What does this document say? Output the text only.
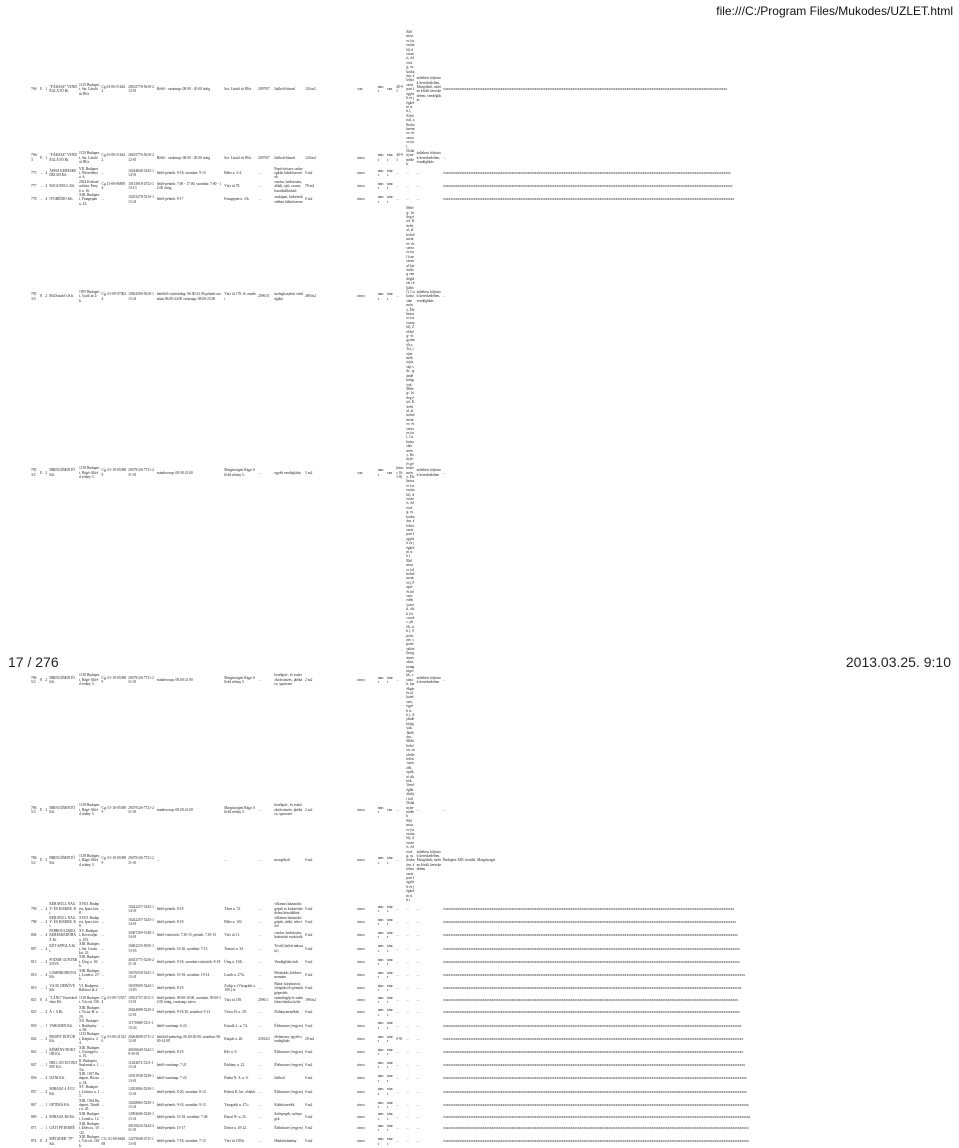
file:///C:/Program Files/Mukodes/UZLET.html
766	E	1	"FÁRASZ" VENDÉGLÁTÓ Bt.	1135 Budapest, Szt. László út 89/a.	Cg.01-06-516422	28165776-5610-212-01	Hétfő - vasárnap: 08.00 - 20.00 óráig	Szt. László út 89/a.	20/9767	Italbolt-büszel	126 m2	van	nincs	van	40-91	Élelmiszer (szeszitalú) desszert, édesség, cukorkaáru, élelmiszeripari fagylalt és jégkrém stb.), Kávéital, alkoholmentes- és szeszes ital	üzletben folytatott kereskedelem, Mozgóbolt, üzleten kívüli kereskedelem, vendéglátás	xxxxxxxxxxxxxxxxxxxxxxxxxxxxxxxxxxxxxxxxxxxxxxxxxxxxxxxxxxxxxxxxxxxxxxxxxxxxxxxxxxxxxxxxxxxxxxxxxxxxxxxxxxxxxxxxxxxxxxxxxxxxxxxxxxxxxxxxxxxxxxxxxxxxxxxxxxxxxx
766/3	E	1	"FÁRASZ" VENDÉGLÁTÓ Bt.	1135 Budapest, Szt. László út 89/a.	Cg.01-06-516422	28165776-5610-212-01	Hétfő - vasárnap: 08.00 - 20.00 óráig	Szt. László út 89/a.	20/9767	Italbolt-büszel	126 m2	nincs	nincs	nincs	40-91	Dohánytermékek	üzletben folytatott kereskedelem, vendéglátás	...
775	...	4	ÁPISZ KERESKEDELMI Kft.	VII. Budapest, Wesselényi u. 6.	...	10244840-5245-114-01	hétfő-péntek: 9-18, szombat: 9-13	Béke u. 2-4.	...	Papír-írószer, szőnyegkúti kábítószeresek	0 m2	nincs	nincs	nincs	...	...	...	xxxxxxxxxxxxxxxxxxxxxxxxxxxxxxxxxxxxxxxxxxxxxxxxxxxxxxxxxxxxxxxxxxxxxxxxxxxxxxxxxxxxxxxxxxxxxxxxxxxxxxxxxxxxxxxxxxxxxxxxxxxxxxxxxxxxxxxxxxxxxxxxxxxxxxxxxxxxxxxx
777	...	4	BAGI-ROLL Kft.	2024 Kiskunlacháza, Fenyő u. 16.	Cg.13-09-068954	10133918-4752-113-13	hétfő-péntek: 7:00 - 17:00, szombat: 7:00 - 12:00 óráig	Váci út 78.	...	vasáru, barkácsáru, ablak, ajtó, csavar, hasadóállatfutó	78 m2	nincs	nincs	nincs	...	...	...	xxxxxxxxxxxxxxxxxxxxxxxxxxxxxxxxxxxxxxxxxxxxxxxxxxxxxxxxxxxxxxxxxxxxxxxxxxxxxxxxxxxxxxxxxxxxxxxxxxxxxxxxxxxxxxxxxxxxxxxxxxxxxxxxxxxxxxxxxxxxxxxxxxxxxxxxxxxxxxxxx
778	...	4	IVOBÉDIO Kft.	XIII. Budapest, Frangepán u. 43.	...	10253278-5210-113-41	hétfő-péntek: 9-17	Frangepán u. 3/b.	...	szakipari, kiskereskedelmi kábítószeres	0 m2	nincs	nincs	nincs	...	...	...	xxxxxxxxxxxxxxxxxxxxxxxxxxxxxxxxxxxxxxxxxxxxxxxxxxxxxxxxxxxxxxxxxxxxxxxxxxxxxxxxxxxxxxxxxxxxxxxxxxxxxxxxxxxxxxxxxxxxxxxxxxxxxxxxxxxxxxxxxxxxxxxxxxxxxxxxxxxxxxxxxx
7853/3	E	2	McDonald´s Kft.	1097 Budapest, Gyáli út 3/b.	Cg. 01-09-070024	10824390-5610-113-41	hétfőtől-csütörtökig: 06.00-23.00 péntek-szombat 06.00-24.00 vasárnap: 08.00-23.00	Váci út 178. fé. emelet	2596/31	melegkonyhás vendéglátó	280 m2	nincs	nincs	nincs	...	Meleg-, hideg étel, Kávéital, alkoholmentes- és szeszes ital (szeszesital kizárólag vendéglátás céljából), Cukrászsütemény, Élelmiszer (szeszitalú), Zöldség- és gyümölcs, Tej, tejtermék, tojás, sajt stb., ajándéktárgyak	üzletben folytatott kereskedelem, vendéglátás	...
7853/2	E	2	BRINGÓMINTÓ Kft.	1138 Budapest, Rágó-Alfréd sétány 5.	Cg. 01-10-053989	29479126-7721-231-01	minden nap: 08.00-21.00	Margitszigeti Rágó Alfréd sétány 5.	...	egyéb vendéglátás	5 m2	van	nincs	van	(nincs 16:1-8)	Meleg-, hideg étel, Kávéital, alkoholmentes- és szeszes ital, Cukrászsütemény, Kenyér- és péksütemény, Élelmiszer (szeszitalú), desszert, édesség, cukorkaáru, élelmiszeripari fagylalt és jégkrém stb.)	üzletben folytatott kereskedelem	...
7865/2	E	2	BRINGÓMINTÓ Kft.	1138 Budapest, Rágó-Alfréd sétány 5.	Cg. 01-10-053989	29479126-7721-231-01	minden nap: 08.00-21.00	Margitszigeti Rágó Alfréd sétány 5.	...	kerékpár-, és eszközkölcsönzés, játékáru, sportszer	2 m2	nincs	nincs	nincs	...	Élelmiszer (alkoholmentes), Papír- és írószer, edényszerű, cikk (viccezés, játék, stb.), Sportszer, sporteszköz (horgászeszköz, kempingcikk, csónak, kerékpár és alkatrészei, egyéb stb.), Ajándéktárgyak, Játékáru, Mobiltelefon, mobiltelefon-tartozék, optikai cikkek, Vendéglátóhelyi ital	üzletben folytatott kereskedelem	...
7865/3	E	2	BRINGÓMINTÓ Kft.	1138 Budapest, Rágó-Alfréd sétány 5.	Cg. 01-10-053989	29479126-7721-231-01	minden nap: 08.00-21.00	Margitszigeti Rágó Alfréd sétány 5.	...	kerékpár-, és eszközkölcsönzés, játékáru, sportszer	2 m2	nincs	nincs	van	...	Dohánytermékek	...	...
7865/2	E	2	BRINGÓMINTÓ Kft.	1138 Budapest, Rágó-Alfréd sétány 5.	Cg. 01-10-053989	29479126-7721-231-01	...	...	...	mozgóbolt	0 m2	nincs	nincs	nincs	...	Élelmiszer (szeszitalú), desszert, édesség, cukorkaáru, élelmiszeripari fagylalt és jégkrém stb.)	üzletben folytatott kereskedelem, Mozgóbolt, üzleten kívüli kereskedelem	Budapest XIII. kerület, Margitsziget
790	...	4	KERAVILL NAGY- ÉS KISKER. Rt.	XVIII. Budapest, Ipacs köz 8.	...	10242257-5245-114-01	hétfő-péntek: 8-18	Tátra u. 74.	...	villamos háztartási gépek és kiskereskedelmi készülékek	0 m2	nincs	nincs	nincs	...	...	...	xxxxxxxxxxxxxxxxxxxxxxxxxxxxxxxxxxxxxxxxxxxxxxxxxxxxxxxxxxxxxxxxxxxxxxxxxxxxxxxxxxxxxxxxxxxxxxxxxxxxxxxxxxxxxxxxxxxxxxxxxxxxxxxxxxxxxxxxxxxxxxxxxxxxxxxxxxxxxxxxxx
798	...	4	KERAVILL NAGY- ÉS KISKER. Rt.	XVIII. Budapest, Ipacs köz 8.	...	10242257-5245-114-01	hétfő-péntek: 8-18	Béke u. 102.	...	villamos háztartási gépek, rádió, televízió	0 m2	nincs	nincs	nincs	...	...	...	xxxxxxxxxxxxxxxxxxxxxxxxxxxxxxxxxxxxxxxxxxxxxxxxxxxxxxxxxxxxxxxxxxxxxxxxxxxxxxxxxxxxxxxxxxxxxxxxxxxxxxxxxxxxxxxxxxxxxxxxxxxxxxxxxxxxxxxxxxxxxxxxxxxxxxxxxxxxxxxxxxx
804	...	4	FERROGLOBUS KERESKEDŐHÁZ Rt.	XV. Budapest, Kövesaljai u. 103.	...	10307209-5148-114-01	hétfő-csütörtök: 7.30-15, péntek: 7.30-13	Váci út 11.	...	vasáru, barkácsáru, háztartási eszközök	0 m2	nincs	nincs	nincs	...	...	...	xxxxxxxxxxxxxxxxxxxxxxxxxxxxxxxxxxxxxxxxxxxxxxxxxxxxxxxxxxxxxxxxxxxxxxxxxxxxxxxxxxxxxxxxxxxxxxxxxxxxxxxxxxxxxxxxxxxxxxxxxxxxxxxxxxxxxxxxxxxxxxxxxxxxxxxxxxxxxxxxxxxx
807	...	4	KÉT SZPOLA Kft.	XIII. Budapest, Szt. István krt. 22.	...	10402233-5050-113-05	hétfő-péntek: 10-20, szombat: 7-13	Tomori u. 34.	...	Textil (üzleti műszaki)	0 m2	nincs	nincs	nincs	...	...	...	xxxxxxxxxxxxxxxxxxxxxxxxxxxxxxxxxxxxxxxxxxxxxxxxxxxxxxxxxxxxxxxxxxxxxxxxxxxxxxxxxxxxxxxxxxxxxxxxxxxxxxxxxxxxxxxxxxxxxxxxxxxxxxxxxxxxxxxxxxxxxxxxxxxxxxxxxxxxxxxxxxxxx
813	...	4	FODOR GUNTERZOVA	XIII. Budapest, Üteg u. 10/b.	...	40433775-5236-231-41	hétfő-péntek: 9-18, szombat-csütörtök: 8-18	Üteg u. 10/b.	...	Vendéglátás bolt	0 m2	nincs	nincs	nincs	...	...	...	xxxxxxxxxxxxxxxxxxxxxxxxxxxxxxxxxxxxxxxxxxxxxxxxxxxxxxxxxxxxxxxxxxxxxxxxxxxxxxxxxxxxxxxxxxxxxxxxxxxxxxxxxxxxxxxxxxxxxxxxxxxxxxxxxxxxxxxxxxxxxxxxxxxxxxxxxxxxxxxxxxxxx
816	...	4	LOMBIKORONA Kft.	XIII. Budapest, Lomb u. 27/b.	...	10476558-5241-113-41	hétfő-péntek: 10-18, szombat: 10-14	Lomb u. 27/b.	...	Bőrtáskás, bőrkerementáru	0 m2	nincs	nincs	nincs	...	...	...	xxxxxxxxxxxxxxxxxxxxxxxxxxxxxxxxxxxxxxxxxxxxxxxxxxxxxxxxxxxxxxxxxxxxxxxxxxxxxxxxxxxxxxxxxxxxxxxxxxxxxxxxxxxxxxxxxxxxxxxxxxxxxxxxxxxxxxxxxxxxxxxxxxxxxxxxxxxxxxxxxxxxxxxx
819	...	1	V.S.M. DEBÓVE Kft.	VI. Budapest, Rákóczi út 2.	...	10319005-5244-113-03	hétfő-péntek: 8-18	Zsilip u. (Visegrádi u. 109.) fé	...	Bútor, kárpitozott, világítási és pénztárgépesítés	0 m2	nincs	nincs	nincs	...	...	...	xxxxxxxxxxxxxxxxxxxxxxxxxxxxxxxxxxxxxxxxxxxxxxxxxxxxxxxxxxxxxxxxxxxxxxxxxxxxxxxxxxxxxxxxxxxxxxxxxxxxxxxxxxxxxxxxxxxxxxxxxxxxxxxxxxxxxxxxxxxxxxxxxxxxxxxxxxxxxxxxxxxxxx
821	E	4	"LÁNG" Kereskedelmi Kft.	1139 Budapest, Váci út 158.	Cg. 01-09-725574	10552757-4511-113-01	hétfő-péntek: 09.00-18.00, szombat: 09.00-12.00 óráig, vasárnap: zárva	Váci út 158.	2596/1	számítógép és számítástechnikai üzlet	198 m2	nincs	nincs	nincs	...	...	...	xxxxxxxxxxxxxxxxxxxxxxxxxxxxxxxxxxxxxxxxxxxxxxxxxxxxxxxxxxxxxxxxxxxxxxxxxxxxxxxxxxxxxxxxxxxxxxxxxxxxxxxxxxxxxxxxxxxxxxxxxxxxxxxxxxxxxxxxxxxxxxxxxxxxxxxxxxxxxxxxxxxx
825	...	4	Á + A Bt.	XIII. Budapest, Victor H. u. 29.	...	28424908-5220-212-01	hétfő-péntek: 9-18.30, szombat: 9-13	Victor H. u. 29.	...	Dohánytermékek	0 m2	nincs	nincs	nincs	...	...	...	xxxxxxxxxxxxxxxxxxxxxxxxxxxxxxxxxxxxxxxxxxxxxxxxxxxxxxxxxxxxxxxxxxxxxxxxxxxxxxxxxxxxxxxxxxxxxxxxxxxxxxxxxxxxxxxxxxxxxxxxxxxxxxxxxxxxxxxxxxxxxxxxxxxxxxxxxxxxxxxxxxxxx
830	...	1	VARGHEN Kft.	XX. Budapest, Batthyány u. 69.	...	11170068-5211-113-43	hétfő-vasárnap: 6-22	Kassák L. u. 74.	...	Élelmiszer (vegyes)	0 m2	nincs	nincs	nincs	...	...	...	xxxxxxxxxxxxxxxxxxxxxxxxxxxxxxxxxxxxxxxxxxxxxxxxxxxxxxxxxxxxxxxxxxxxxxxxxxxxxxxxxxxxxxxxxxxxxxxxxxxxxxxxxxxxxxxxxxxxxxxxxxxxxxxxxxxxxxxxxxxxxxxxxxxxxxxxxxxxxxxxxxxxxx
842	...	2	PROFIT DÖTÜR Kft.	1133 Budapest, Kárpát u. 24.	Cg. 01-06-215230	20264808-4711-212-01	hétfőtől-péntekig: 06.00-20.00, szombat: 08.00-14.00	Kárpát u. 26.	25162/2	élelmiszer, egyéb vendéglátás	20 m2	nincs	nincs	nincs	0-91	...	...	xxxxxxxxxxxxxxxxxxxxxxxxxxxxxxxxxxxxxxxxxxxxxxxxxxxxxxxxxxxxxxxxxxxxxxxxxxxxxxxxxxxxxxxxxxxxxxxxxxxxxxxxxxxxxxxxxxxxxxxxxxxxxxxxxxxxxxxxxxxxxxxxxxxxxxxxxxxxxxxxxxxxxxx
843	...	1	KÉMÉNY-DOKTOR Kft.	XIII. Budapest, Gyöngyösi u. 16.	...	40106640-5242-19-30-01	hétfő-péntek: 8-18	Rév u. 9.	...	Élelmiszer (vegyes)	0 m2	nincs	nincs	nincs	...	...	...	xxxxxxxxxxxxxxxxxxxxxxxxxxxxxxxxxxxxxxxxxxxxxxxxxxxxxxxxxxxxxxxxxxxxxxxxxxxxxxxxxxxxxxxxxxxxxxxxxxxxxxxxxxxxxxxxxxxxxxxxxxxxxxxxxxxxxxxxxxxxxxxxxxxxxxxxxxxxxxxxxxxxxxx
847	...	1	HELLAN ECONOMY Kft.	II. Budapest, Szalontai u. 13/a.	...	11204672-5211-113-41	hétfő-vasárnap: 7-21	Párkány u. 22.	...	Élelmiszer (vegyes)	0 m2	nincs	nincs	nincs	...	...	...	xxxxxxxxxxxxxxxxxxxxxxxxxxxxxxxxxxxxxxxxxxxxxxxxxxxxxxxxxxxxxxxxxxxxxxxxxxxxxxxxxxxxxxxxxxxxxxxxxxxxxxxxxxxxxxxxxxxxxxxxxxxxxxxxxxxxxxxxxxxxxxxxxxxxxxxxxxxxxxxxxxxxxxxx
856	...	4	DANI Kft.	XIII. 1037 Budapest, Rózsa u. 34.	...	10331938-5230-113-01	hétfő-vasárnap: 7-22	Budai N. A. u. 6.	...	Italbolt	0 m2	nincs	nincs	nincs	...	...	...	xxxxxxxxxxxxxxxxxxxxxxxxxxxxxxxxxxxxxxxxxxxxxxxxxxxxxxxxxxxxxxxxxxxxxxxxxxxxxxxxxxxxxxxxxxxxxxxxxxxxxxxxxxxxxxxxxxxxxxxxxxxxxxxxxxxxxxxxxxxxxxxxxxxxxxxxxxxxxxxxxxxxxxxxx
857	...	4	MIRAGE 4 ÁVU Kft.	XV. Budapest, Lőrincz u. 15.	...	12202804-5230-113-41	hétfő-péntek: 8-20, szombat: 8-14	Robert K. krt. oldalár	...	Élelmiszer (vegyes)	0 m2	nincs	nincs	nincs	...	...	...	xxxxxxxxxxxxxxxxxxxxxxxxxxxxxxxxxxxxxxxxxxxxxxxxxxxxxxxxxxxxxxxxxxxxxxxxxxxxxxxxxxxxxxxxxxxxxxxxxxxxxxxxxxxxxxxxxxxxxxxxxxxxxxxxxxxxxxxxxxxxxxxxxxxxxxxxxxxxxxxxxxxxxxxxx
867	...	1	OPTIMÁ Kft.	XIII. 1034 Budapest, Tündér u. 45.	...	10228865-5230-113-41	hétfő-péntek: 9-18, szombat: 9-13	Visegrádi u. 47/c.	...	Kábítószerlék	0 m2	nincs	nincs	nincs	...	...	...	xxxxxxxxxxxxxxxxxxxxxxxxxxxxxxxxxxxxxxxxxxxxxxxxxxxxxxxxxxxxxxxxxxxxxxxxxxxxxxxxxxxxxxxxxxxxxxxxxxxxxxxxxxxxxxxxxxxxxxxxxxxxxxxxxxxxxxxxxxxxxxxxxxxxxxxxxxxxxxxxxxxxxxxxxx
869	...	4	MIRAGE 4B Kft.	XIII. Budapest, Lomb u. 12.	...	12092606-5230-113-41	hétfő-péntek: 10-18, szombat: 7-46	Raoul W. u. 25.	...	Szőnyegek, szőnyegek	0 m2	nincs	nincs	nincs	...	...	...	xxxxxxxxxxxxxxxxxxxxxxxxxxxxxxxxxxxxxxxxxxxxxxxxxxxxxxxxxxxxxxxxxxxxxxxxxxxxxxxxxxxxxxxxxxxxxxxxxxxxxxxxxxxxxxxxxxxxxxxxxxxxxxxxxxxxxxxxxxxxxxxxxxxxxxxxxxxxxxxxxxxxxxxxxxx
871	...	1	GÁTI PÉTERNÉ	XIII. Budapest, Dráva u. 10-22.	...	40150624-5244-231-01	hétfő-péntek: 10-17	Dráva u. 10-22.	...	Élelmiszer (vegyes)	0 m2	nincs	nincs	nincs	...	...	...	xxxxxxxxxxxxxxxxxxxxxxxxxxxxxxxxxxxxxxxxxxxxxxxxxxxxxxxxxxxxxxxxxxxxxxxxxxxxxxxxxxxxxxxxxxxxxxxxxxxxxxxxxxxxxxxxxxxxxxxxxxxxxxxxxxxxxxxxxxxxxxxxxxxxxxxxxxxxxxxxxxxxxxxxxx
874	E	4	MÉTZDER "97" Kft.	XIII. Budapest, Váci út 130/b.	CG. 01-09-662808	12275848-4711-113-01	hétfő-péntek: 7-18, szombat: 7-13	Váci út 130/b.	...	Húskészítmény	0 m2	nincs	nincs	nincs	...	...	...	xxxxxxxxxxxxxxxxxxxxxxxxxxxxxxxxxxxxxxxxxxxxxxxxxxxxxxxxxxxxxxxxxxxxxxxxxxxxxxxxxxxxxxxxxxxxxxxxxxxxxxxxxxxxxxxxxxxxxxxxxxxxxxxxxxxxxxxxxxxxxxxxxxxxxxxxxxxxxxxxxxxxxxxxxx
17 / 276	2013.03.25. 9:10
